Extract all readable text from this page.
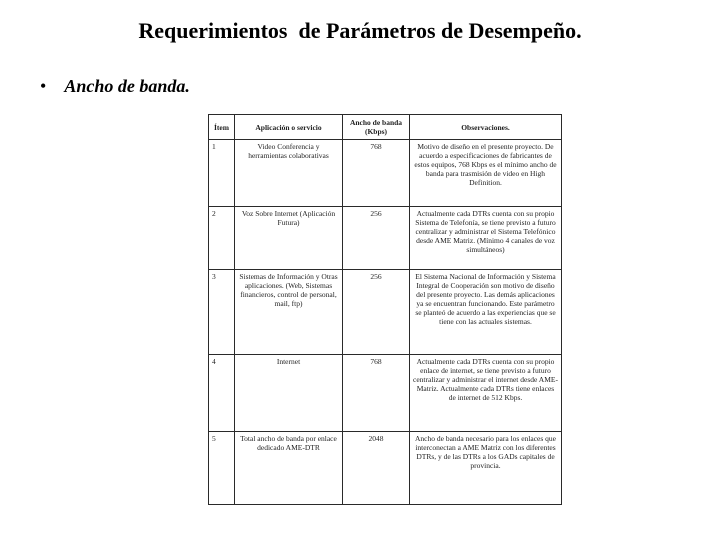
Requerimientos  de Parámetros de Desempeño.
• Ancho de banda.
Ítem	Aplicación o servicio	Ancho de banda (Kbps)	Observaciones.
1	Video Conferencia y herramientas colaborativas	768	Motivo de diseño en el presente proyecto. De acuerdo a especificaciones de fabricantes de estos equipos, 768 Kbps es el mínimo ancho de banda para trasmisión de video en High Definition.
2	Voz Sobre Internet (Aplicación Futura)	256	Actualmente cada DTRs cuenta con su propio Sistema de Telefonía, se tiene previsto a futuro centralizar y administrar el Sistema Telefónico desde AME Matriz. (Mínimo 4 canales de voz simultáneos)
3	Sistemas de Información y Otras aplicaciones. (Web, Sistemas financieros, control de personal, mail, ftp)	256	El Sistema Nacional de Información y Sistema Integral de Cooperación son motivo de diseño del presente proyecto. Las demás aplicaciones ya se encuentran funcionando. Este parámetro se planteó de acuerdo a las experiencias que se tiene con las actuales sistemas.
4	Internet	768	Actualmente cada DTRs cuenta con su propio enlace de internet, se tiene previsto a futuro centralizar y administrar el internet desde AME-Matriz. Actualmente cada DTRs tiene enlaces de internet de 512 Kbps.
5	Total ancho de banda por enlace dedicado AME-DTR	2048	Ancho de banda necesario para los enlaces que interconectan a AME Matriz con los diferentes DTRs, y de las DTRs a los GADs capitales de provincia.
